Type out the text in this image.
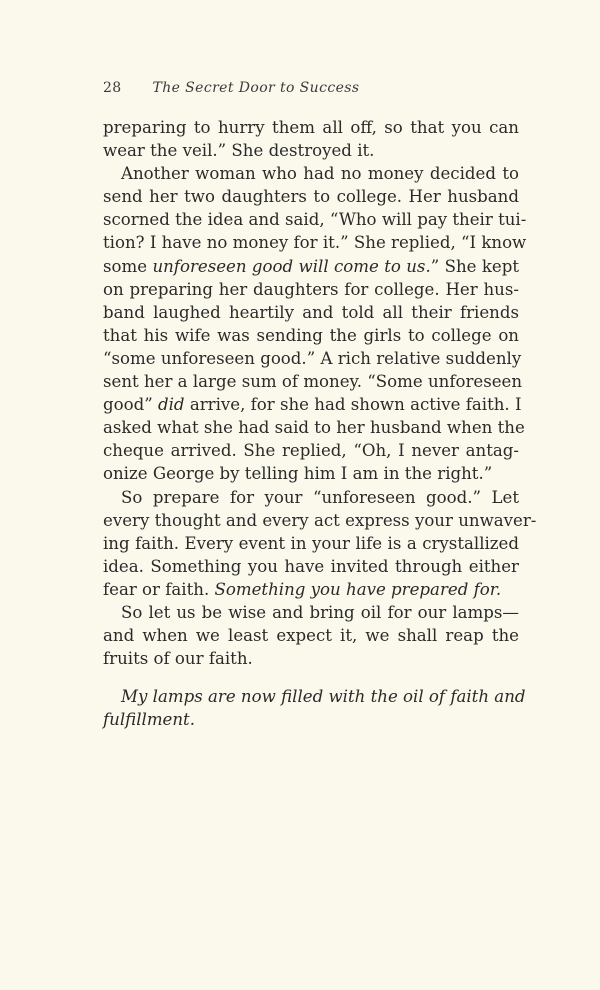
28 The Secret Door to Success
preparing to hurry them all off, so that you can
wear the veil.” She destroyed it.
Another woman who had no money decided to
send her two daughters to college. Her husband
scorned the idea and said, “Who will pay their tui-
tion? I have no money for it.” She replied, “I know
some unforeseen good will come to us.” She kept
on preparing her daughters for college. Her hus-
band laughed heartily and told all their friends
that his wife was sending the girls to college on
“some unforeseen good.” A rich relative suddenly
sent her a large sum of money. “Some unforeseen
good” did arrive, for she had shown active faith. I
asked what she had said to her husband when the
cheque arrived. She replied, “Oh, I never antag-
onize George by telling him I am in the right.”
So prepare for your “unforeseen good.” Let
every thought and every act express your unwaver-
ing faith. Every event in your life is a crystallized
idea. Something you have invited through either
fear or faith. Something you have prepared for.
So let us be wise and bring oil for our lamps—
and when we least expect it, we shall reap the
fruits of our faith.
My lamps are now filled with the oil of faith and
fulfillment.
